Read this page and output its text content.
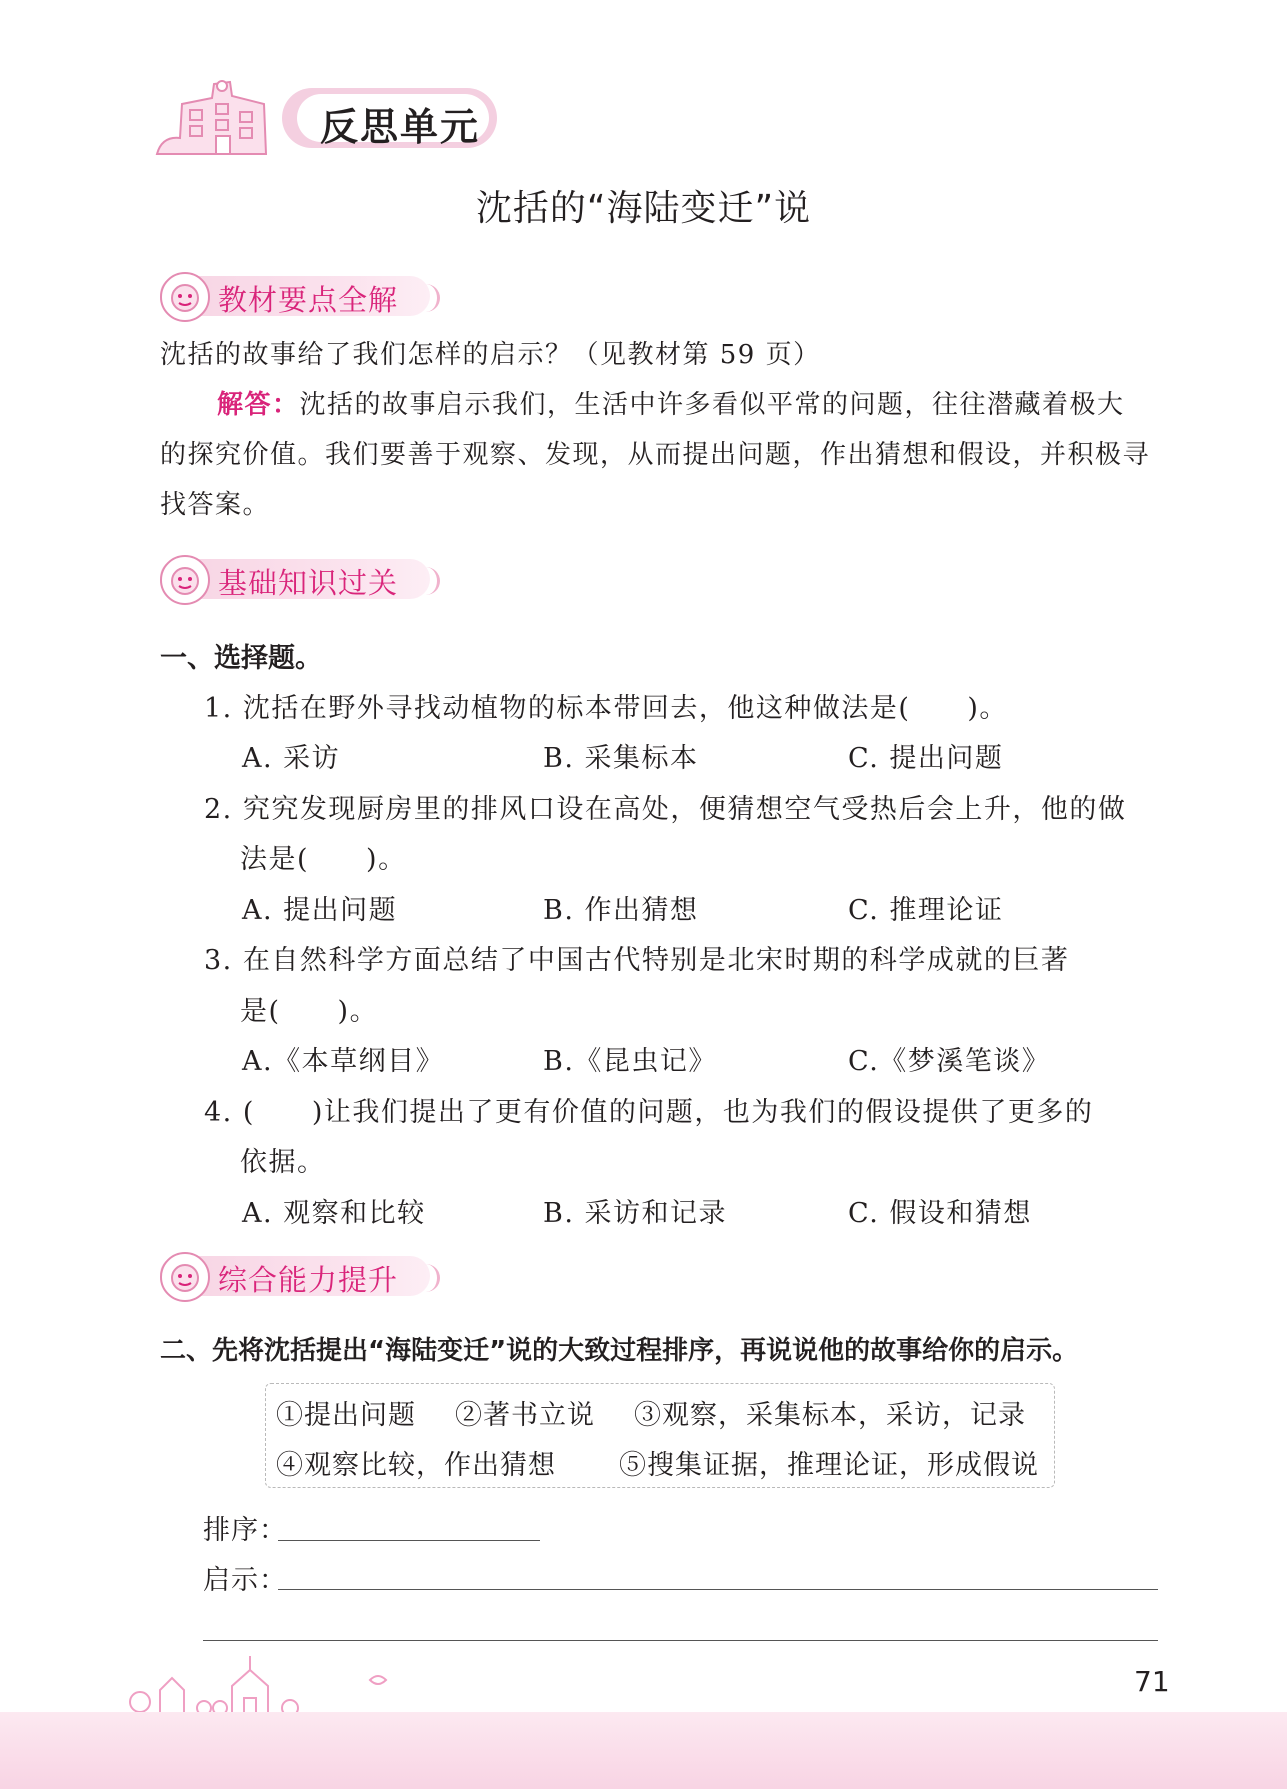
反思单元
沈括的“海陆变迁”说
教材要点全解
沈括的故事给了我们怎样的启示？（见教材第 59 页）
解答：沈括的故事启示我们，生活中许多看似平常的问题，往往潜藏着极大
的探究价值。我们要善于观察、发现，从而提出问题，作出猜想和假设，并积极寻
找答案。
基础知识过关
一、选择题。
1. 沈括在野外寻找动植物的标本带回去，他这种做法是(　　)。
A. 采访	B. 采集标本	C. 提出问题
2. 究究发现厨房里的排风口设在高处，便猜想空气受热后会上升，他的做
法是(　　)。
A. 提出问题	B. 作出猜想	C. 推理论证
3. 在自然科学方面总结了中国古代特别是北宋时期的科学成就的巨著
是(　　)。
A.《本草纲目》	B.《昆虫记》	C.《梦溪笔谈》
4. (　　)让我们提出了更有价值的问题，也为我们的假设提供了更多的
依据。
A. 观察和比较	B. 采访和记录	C. 假设和猜想
综合能力提升
二、先将沈括提出“海陆变迁”说的大致过程排序，再说说他的故事给你的启示。
①提出问题 ②著书立说 ③观察，采集标本，采访，记录
④观察比较，作出猜想 ⑤搜集证据，推理论证，形成假说
排序：
启示：
71
